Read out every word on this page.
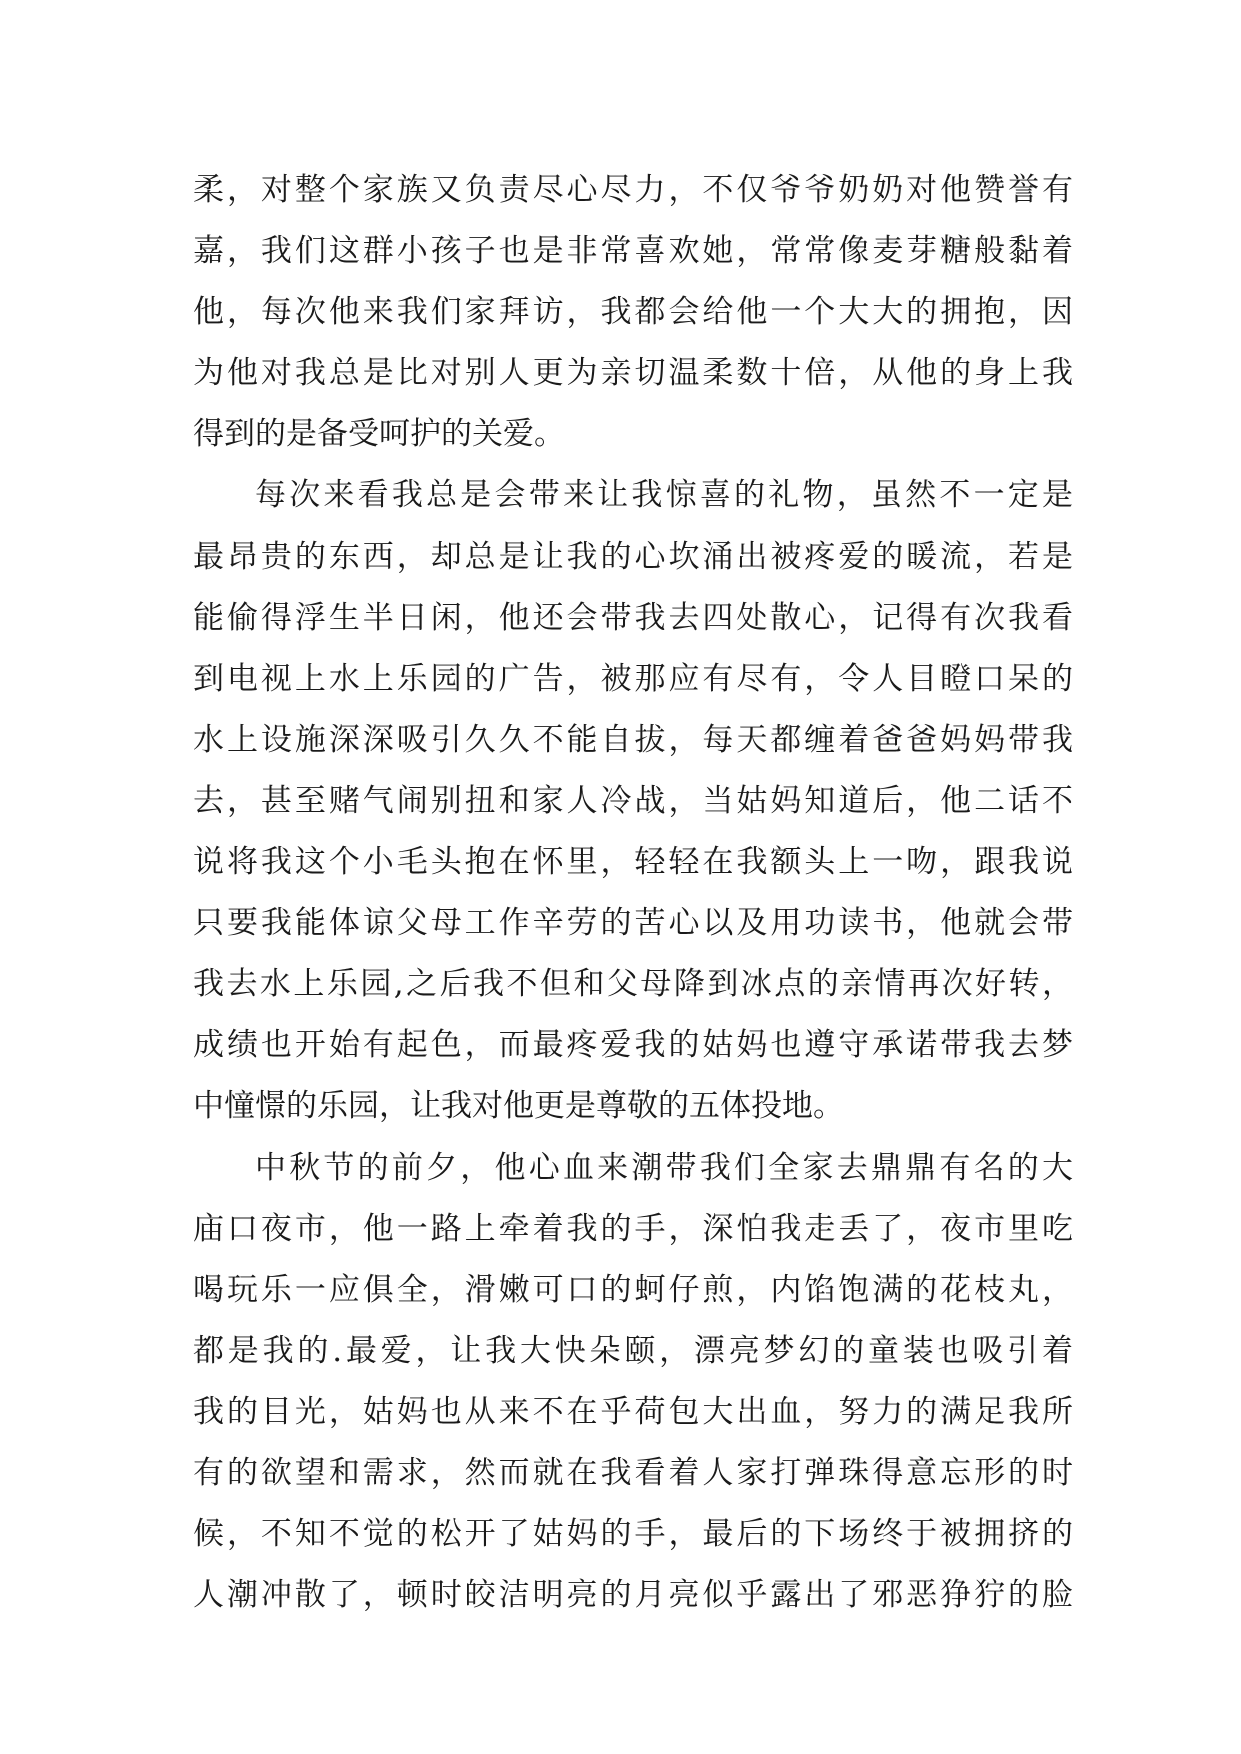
柔，对整个家族又负责尽心尽力，不仅爷爷奶奶对他赞誉有
嘉，我们这群小孩子也是非常喜欢她，常常像麦芽糖般黏着
他，每次他来我们家拜访，我都会给他一个大大的拥抱，因
为他对我总是比对别人更为亲切温柔数十倍，从他的身上我
得到的是备受呵护的关爱。
每次来看我总是会带来让我惊喜的礼物，虽然不一定是
最昂贵的东西，却总是让我的心坎涌出被疼爱的暖流，若是
能偷得浮生半日闲，他还会带我去四处散心，记得有次我看
到电视上水上乐园的广告，被那应有尽有，令人目瞪口呆的
水上设施深深吸引久久不能自拔，每天都缠着爸爸妈妈带我
去，甚至赌气闹别扭和家人冷战，当姑妈知道后，他二话不
说将我这个小毛头抱在怀里，轻轻在我额头上一吻，跟我说
只要我能体谅父母工作辛劳的苦心以及用功读书，他就会带
我去水上乐园,之后我不但和父母降到冰点的亲情再次好转，
成绩也开始有起色，而最疼爱我的姑妈也遵守承诺带我去梦
中憧憬的乐园，让我对他更是尊敬的五体投地。
中秋节的前夕，他心血来潮带我们全家去鼎鼎有名的大
庙口夜市，他一路上牵着我的手，深怕我走丢了，夜市里吃
喝玩乐一应俱全，滑嫩可口的蚵仔煎，内馅饱满的花枝丸，
都是我的.最爱，让我大快朵颐，漂亮梦幻的童装也吸引着
我的目光，姑妈也从来不在乎荷包大出血，努力的满足我所
有的欲望和需求，然而就在我看着人家打弹珠得意忘形的时
候，不知不觉的松开了姑妈的手，最后的下场终于被拥挤的
人潮冲散了，顿时皎洁明亮的月亮似乎露出了邪恶狰狞的脸
